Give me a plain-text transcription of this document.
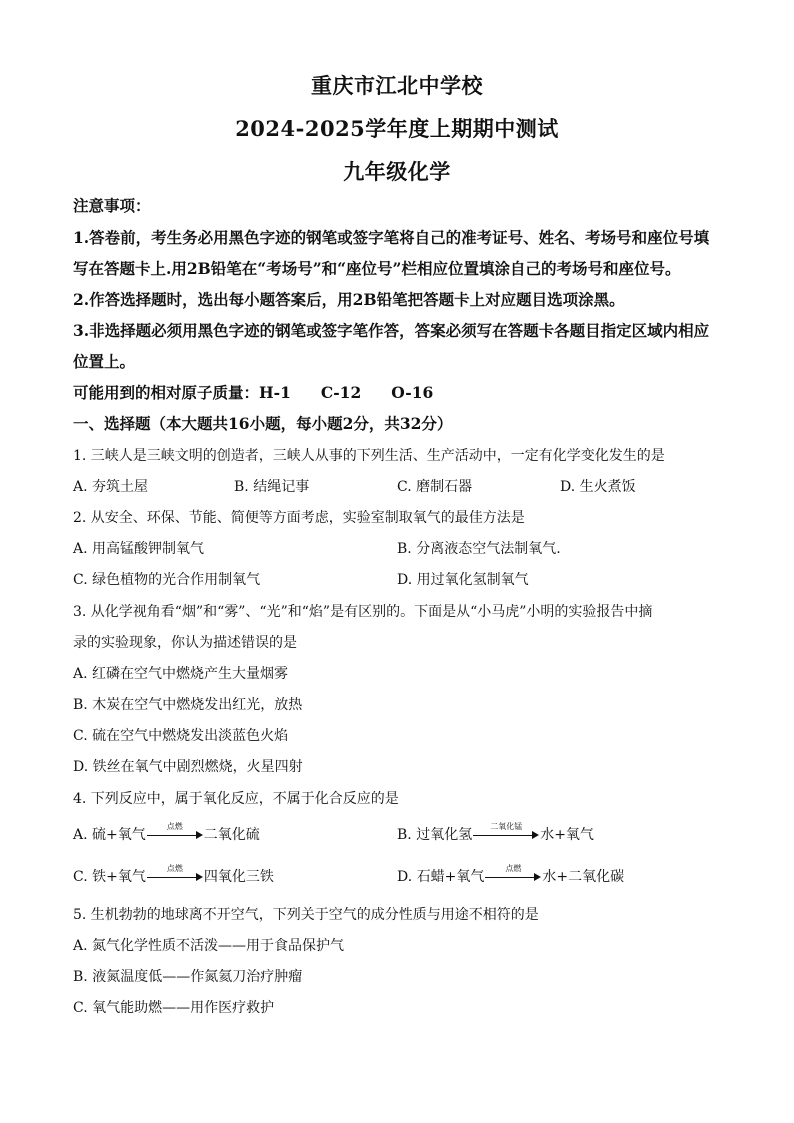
重庆市江北中学校
2024-2025学年度上期期中测试
九年级化学
注意事项：
1.答卷前，考生务必用黑色字迹的钢笔或签字笔将自己的准考证号、姓名、考场号和座位号填
写在答题卡上.用2B铅笔在“考场号”和“座位号”栏相应位置填涂自己的考场号和座位号。
2.作答选择题时，选出每小题答案后，用2B铅笔把答题卡上对应题目选项涂黑。
3.非选择题必须用黑色字迹的钢笔或签字笔作答，答案必须写在答题卡各题目指定区域内相应
位置上。
可能用到的相对原子质量：H-1 C-12 O-16
一、选择题（本大题共16小题，每小题2分，共32分）
1. 三峡人是三峡文明的创造者，三峡人从事的下列生活、生产活动中，一定有化学变化发生的是
A. 夯筑土屋	B. 结绳记事	C. 磨制石器	D. 生火煮饭
2. 从安全、环保、节能、简便等方面考虑，实验室制取氧气的最佳方法是
A. 用高锰酸钾制氧气	B. 分离液态空气法制氧气.
C. 绿色植物的光合作用制氧气	D. 用过氧化氢制氧气
3. 从化学视角看“烟”和“雾”、“光”和“焰”是有区别的。下面是从“小马虎”小明的实验报告中摘
录的实验现象，你认为描述错误的是
A. 红磷在空气中燃烧产生大量烟雾
B. 木炭在空气中燃烧发出红光，放热
C. 硫在空气中燃烧发出淡蓝色火焰
D. 铁丝在氧气中剧烈燃烧，火星四射
4. 下列反应中，属于氧化反应，不属于化合反应的是
A. 硫+氧气
点燃
二氧化硫	B. 过氧化氢
二氧化锰
水+氧气
C. 铁+氧气
点燃
四氧化三铁	D. 石蜡+氧气
点燃
水+二氧化碳
5. 生机勃勃的地球离不开空气，下列关于空气的成分性质与用途不相符的是
A. 氮气化学性质不活泼——用于食品保护气
B. 液氮温度低——作氮氦刀治疗肿瘤
C. 氧气能助燃——用作医疗救护
